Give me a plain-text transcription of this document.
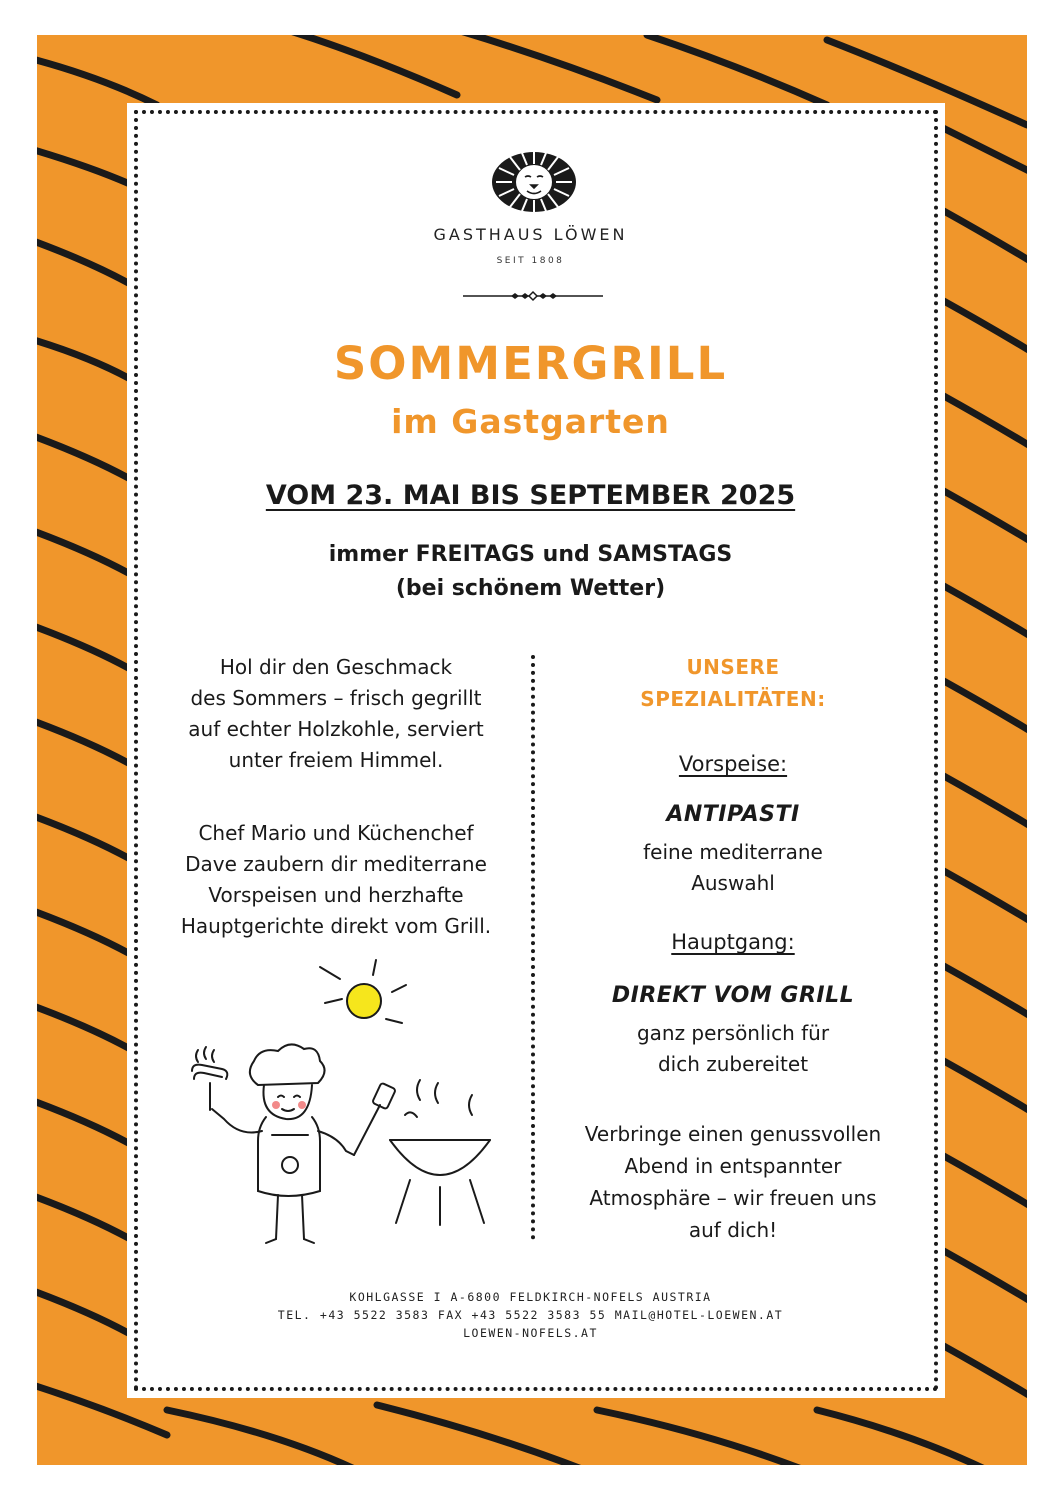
GASTHAUS LÖWEN
SEIT 1808
SOMMERGRILL
im Gastgarten
VOM 23. MAI BIS SEPTEMBER 2025
immer FREITAGS und SAMSTAGS
(bei schönem Wetter)
Hol dir den Geschmack
des Sommers – frisch gegrillt
auf echter Holzkohle, serviert
unter freiem Himmel.
Chef Mario und Küchenchef
Dave zaubern dir mediterrane
Vorspeisen und herzhafte
Hauptgerichte direkt vom Grill.
UNSERE
SPEZIALITÄTEN:
Vorspeise:
ANTIPASTI
feine mediterrane
Auswahl
Hauptgang:
DIREKT VOM GRILL
ganz persönlich für
dich zubereitet
Verbringe einen genussvollen
Abend in entspannter
Atmosphäre – wir freuen uns
auf dich!
KOHLGASSE I A-6800 FELDKIRCH-NOFELS AUSTRIA
TEL. +43 5522 3583 FAX +43 5522 3583 55 MAIL@HOTEL-LOEWEN.AT
LOEWEN-NOFELS.AT
